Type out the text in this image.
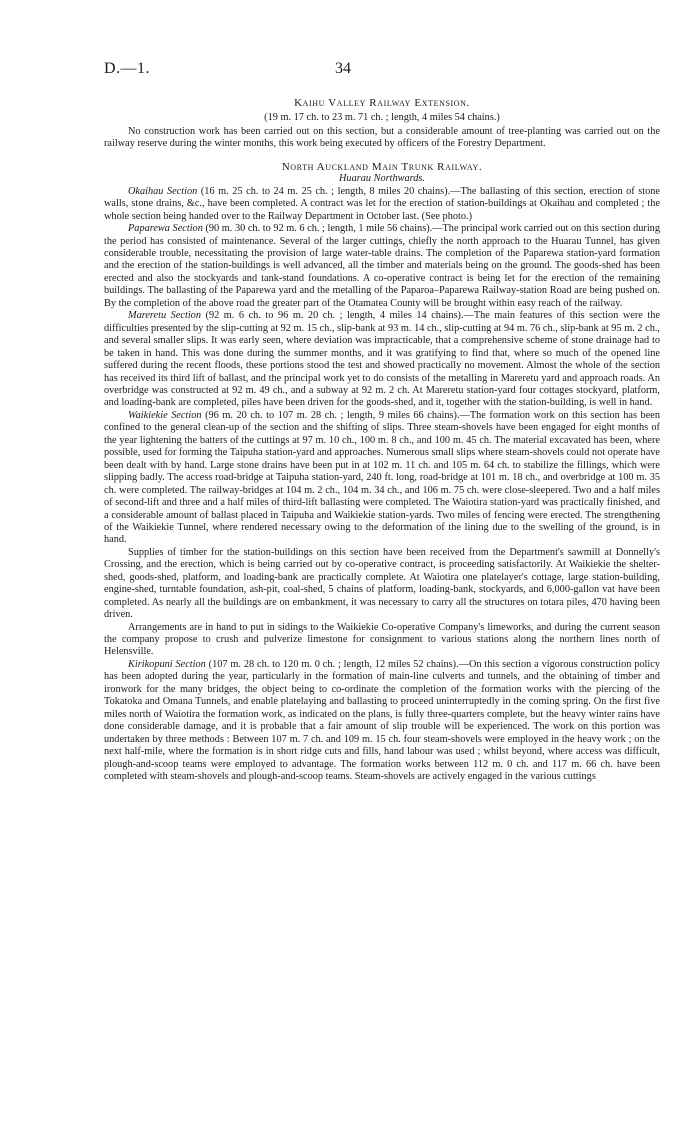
D.—1.	34
Kaihu Valley Railway Extension.
(19 m. 17 ch. to 23 m. 71 ch. ; length, 4 miles 54 chains.)

No construction work has been carried out on this section, but a considerable amount of tree-planting was carried out on the railway reserve during the winter months, this work being executed by officers of the Forestry Department.

North Auckland Main Trunk Railway.
Huarau Northwards.

Okaihau Section (16 m. 25 ch. to 24 m. 25 ch. ; length, 8 miles 20 chains).—The ballasting of this section, erection of stone walls, stone drains, &c., have been completed. A contract was let for the erection of station-buildings at Okaihau and completed ; the whole section being handed over to the Railway Department in October last. (See photo.)

Paparewa Section (90 m. 30 ch. to 92 m. 6 ch. ; length, 1 mile 56 chains).—The principal work carried out on this section during the period has consisted of maintenance. Several of the larger cuttings, chiefly the north approach to the Huarau Tunnel, has given considerable trouble, necessitating the provision of large water-table drains. The completion of the Paparewa station-yard formation and the erection of the station-buildings is well advanced, all the timber and materials being on the ground. The goods-shed has been erected and also the stockyards and tank-stand foundations. A co-operative contract is being let for the erection of the remaining buildings. The ballasting of the Paparewa yard and the metalling of the Paparoa–Paparewa Railway-station Road are being pushed on. By the completion of the above road the greater part of the Otamatea County will be brought within easy reach of the railway.

Mareretu Section (92 m. 6 ch. to 96 m. 20 ch. ; length, 4 miles 14 chains).—The main features of this section were the difficulties presented by the slip-cutting at 92 m. 15 ch., slip-bank at 93 m. 14 ch., slip-cutting at 94 m. 76 ch., slip-bank at 95 m. 2 ch., and several smaller slips. It was early seen, where deviation was impracticable, that a comprehensive scheme of stone drainage had to be taken in hand. This was done during the summer months, and it was gratifying to find that, where so much of the opened line suffered during the recent floods, these portions stood the test and showed practically no movement. Almost the whole of the section has received its third lift of ballast, and the principal work yet to do consists of the metalling in Mareretu yard and approach roads. An overbridge was constructed at 92 m. 49 ch., and a subway at 92 m. 2 ch. At Mareretu station-yard four cottages stockyard, platform, and loading-bank are completed, piles have been driven for the goods-shed, and it, together with the station-building, is well in hand.

Waikiekie Section (96 m. 20 ch. to 107 m. 28 ch. ; length, 9 miles 66 chains).—The formation work on this section has been confined to the general clean-up of the section and the shifting of slips. Three steam-shovels have been engaged for eight months of the year lightening the batters of the cuttings at 97 m. 10 ch., 100 m. 8 ch., and 100 m. 45 ch. The material excavated has been, where possible, used for forming the Taipuha station-yard and approaches. Numerous small slips where steam-shovels could not operate have been dealt with by hand. Large stone drains have been put in at 102 m. 11 ch. and 105 m. 64 ch. to stabilize the fillings, which were slipping badly. The access road-bridge at Taipuha station-yard, 240 ft. long, road-bridge at 101 m. 18 ch., and overbridge at 100 m. 35 ch. were completed. The railway-bridges at 104 m. 2 ch., 104 m. 34 ch., and 106 m. 75 ch. were close-sleepered. Two and a half miles of second-lift and three and a half miles of third-lift ballasting were completed. The Waiotira station-yard was practically finished, and a considerable amount of ballast placed in Taipuha and Waikiekie station-yards. Two miles of fencing were erected. The strengthening of the Waikiekie Tunnel, where rendered necessary owing to the deformation of the lining due to the swelling of the ground, is in hand.

Supplies of timber for the station-buildings on this section have been received from the Department's sawmill at Donnelly's Crossing, and the erection, which is being carried out by co-operative contract, is proceeding satisfactorily. At Waikiekie the shelter-shed, goods-shed, platform, and loading-bank are practically complete. At Waiotira one platelayer's cottage, large station-building, engine-shed, turntable foundation, ash-pit, coal-shed, 5 chains of platform, loading-bank, stockyards, and 6,000-gallon vat have been completed. As nearly all the buildings are on embankment, it was necessary to carry all the structures on totara piles, 470 having been driven.

Arrangements are in hand to put in sidings to the Waikiekie Co-operative Company's limeworks, and during the current season the company propose to crush and pulverize limestone for consignment to various stations along the northern lines north of Helensville.

Kirikopuni Section (107 m. 28 ch. to 120 m. 0 ch. ; length, 12 miles 52 chains).—On this section a vigorous construction policy has been adopted during the year, particularly in the formation of main-line culverts and tunnels, and the obtaining of timber and ironwork for the many bridges, the object being to co-ordinate the completion of the formation works with the piercing of the Tokatoka and Omana Tunnels, and enable platelaying and ballasting to proceed uninterruptedly in the coming spring. On the first five miles north of Waiotira the formation work, as indicated on the plans, is fully three-quarters complete, but the heavy winter rains have done considerable damage, and it is probable that a fair amount of slip trouble will be experienced. The work on this portion was undertaken by three methods : Between 107 m. 7 ch. and 109 m. 15 ch. four steam-shovels were employed in the heavy work ; on the next half-mile, where the formation is in short ridge cuts and fills, hand labour was used ; whilst beyond, where access was difficult, plough-and-scoop teams were employed to advantage. The formation works between 112 m. 0 ch. and 117 m. 66 ch. have been completed with steam-shovels and plough-and-scoop teams. Steam-shovels are actively engaged in the various cuttings
